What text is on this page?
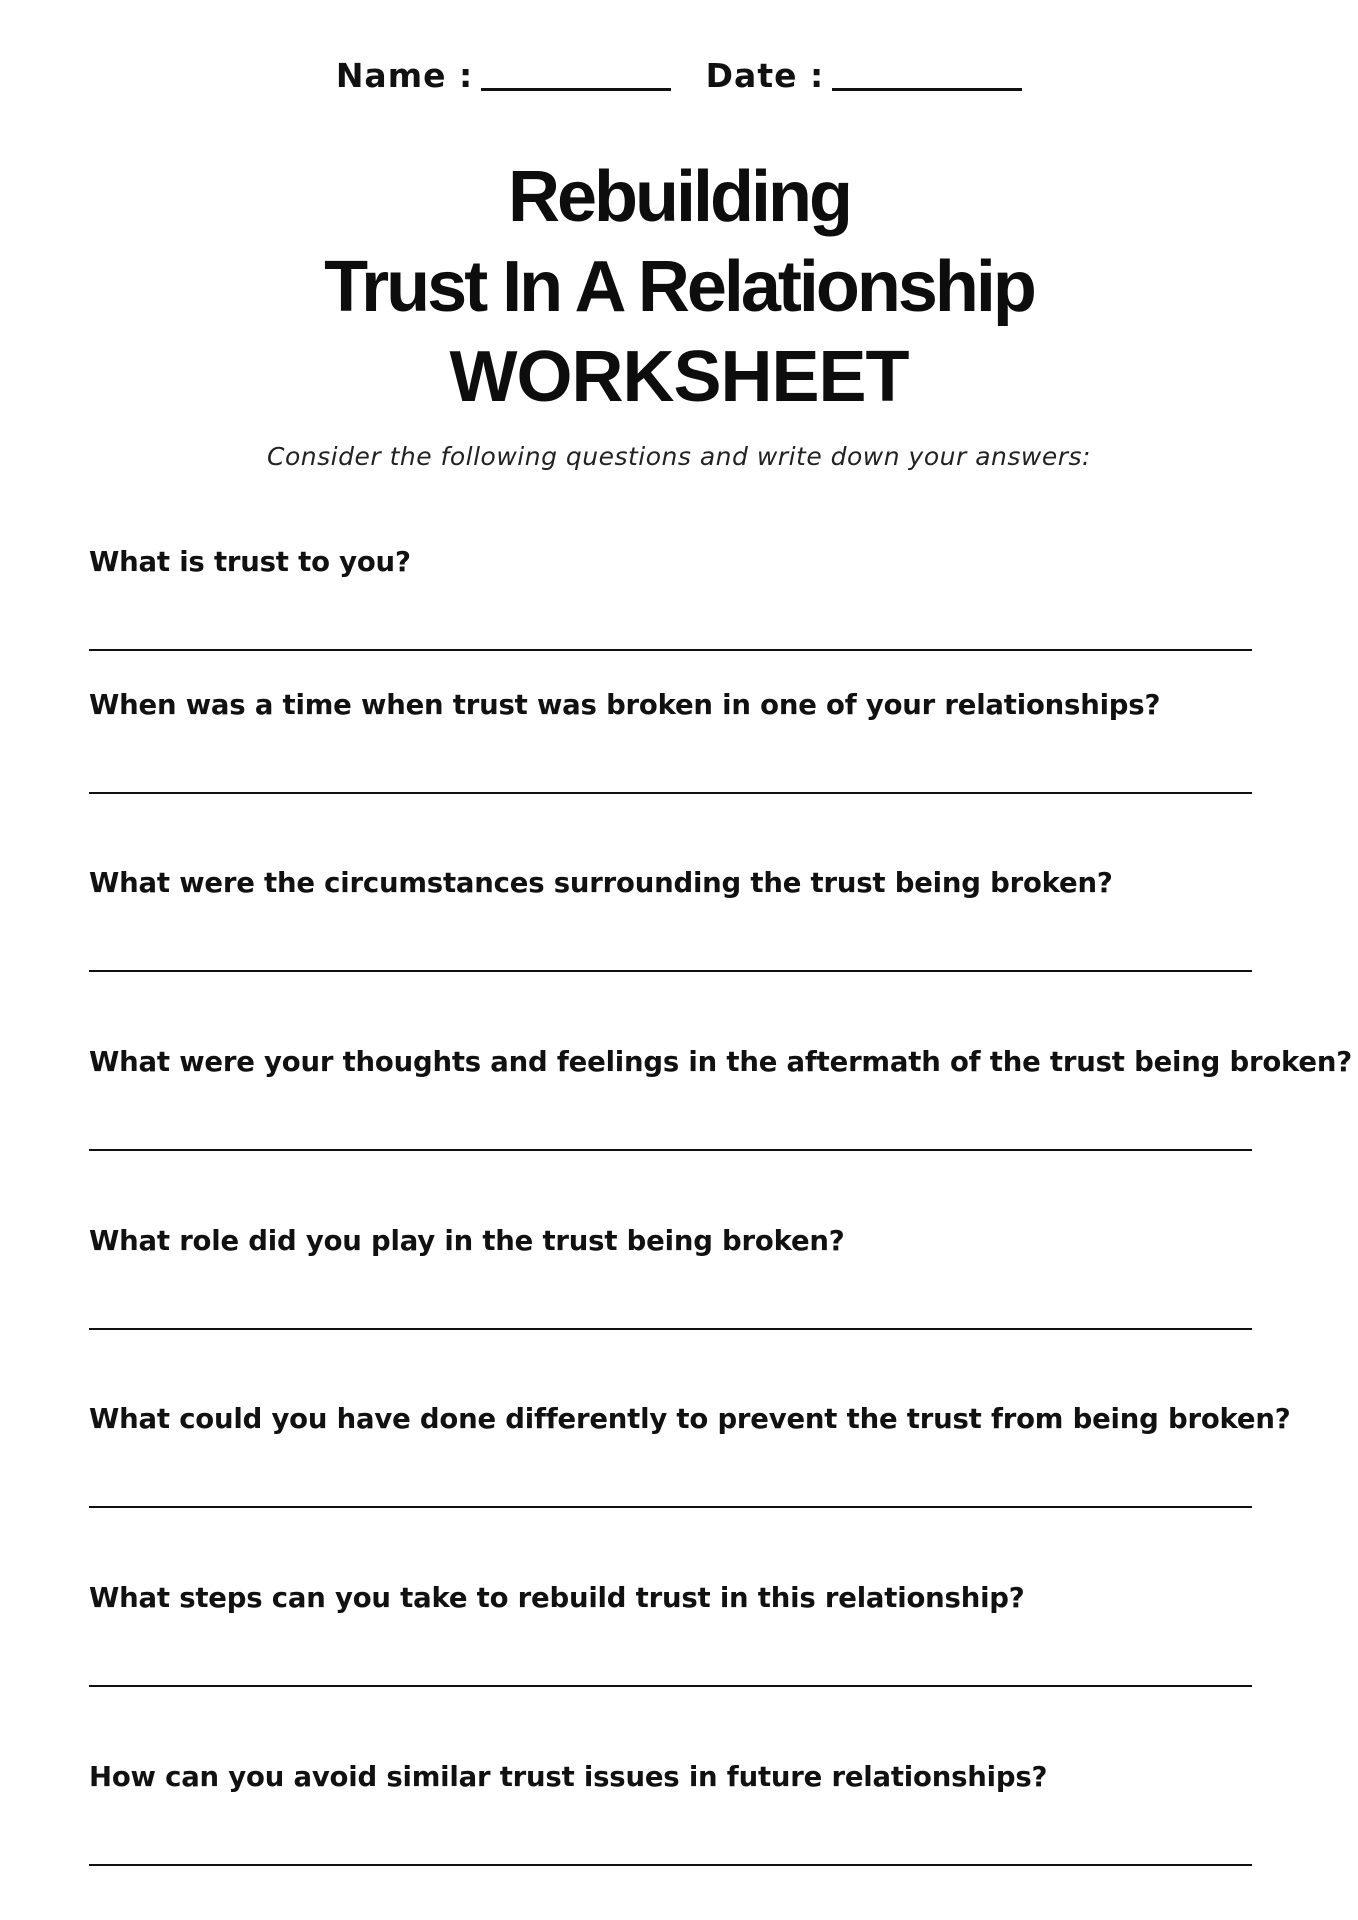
Name :	Date :
Rebuilding
Trust In A Relationship
WORKSHEET
Consider the following questions and write down your answers:
What is trust to you?
When was a time when trust was broken in one of your relationships?
What were the circumstances surrounding the trust being broken?
What were your thoughts and feelings in the aftermath of the trust being broken?
What role did you play in the trust being broken?
What could you have done differently to prevent the trust from being broken?
What steps can you take to rebuild trust in this relationship?
How can you avoid similar trust issues in future relationships?
